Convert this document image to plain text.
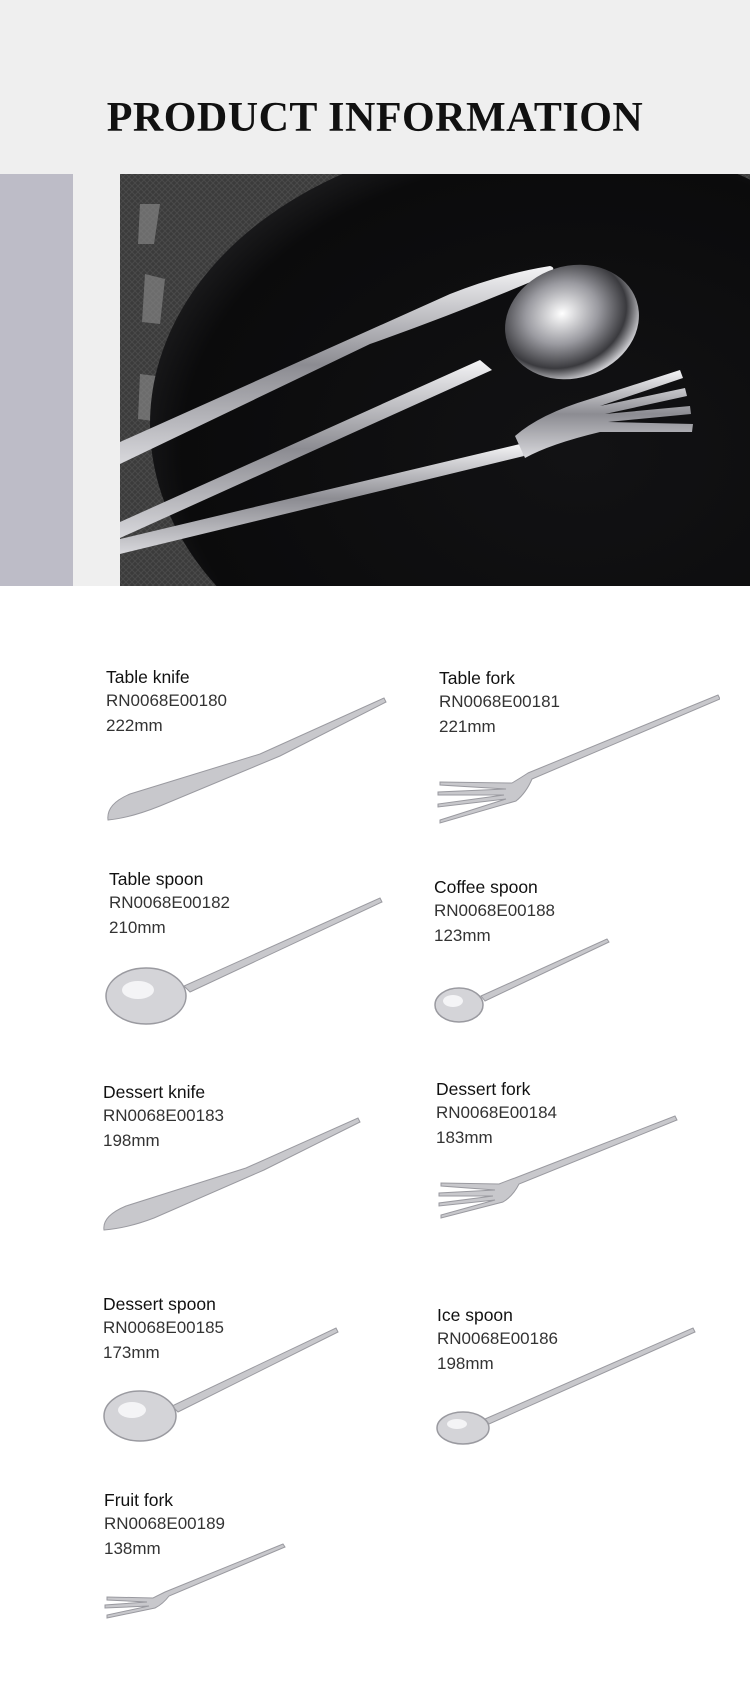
PRODUCT INFORMATION
Table knife
RN0068E00180
222mm
Table fork
RN0068E00181
221mm
Table spoon
RN0068E00182
210mm
Coffee spoon
RN0068E00188
123mm
Dessert knife
RN0068E00183
198mm
Dessert fork
RN0068E00184
183mm
Dessert spoon
RN0068E00185
173mm
Ice spoon
RN0068E00186
198mm
Fruit fork
RN0068E00189
138mm
